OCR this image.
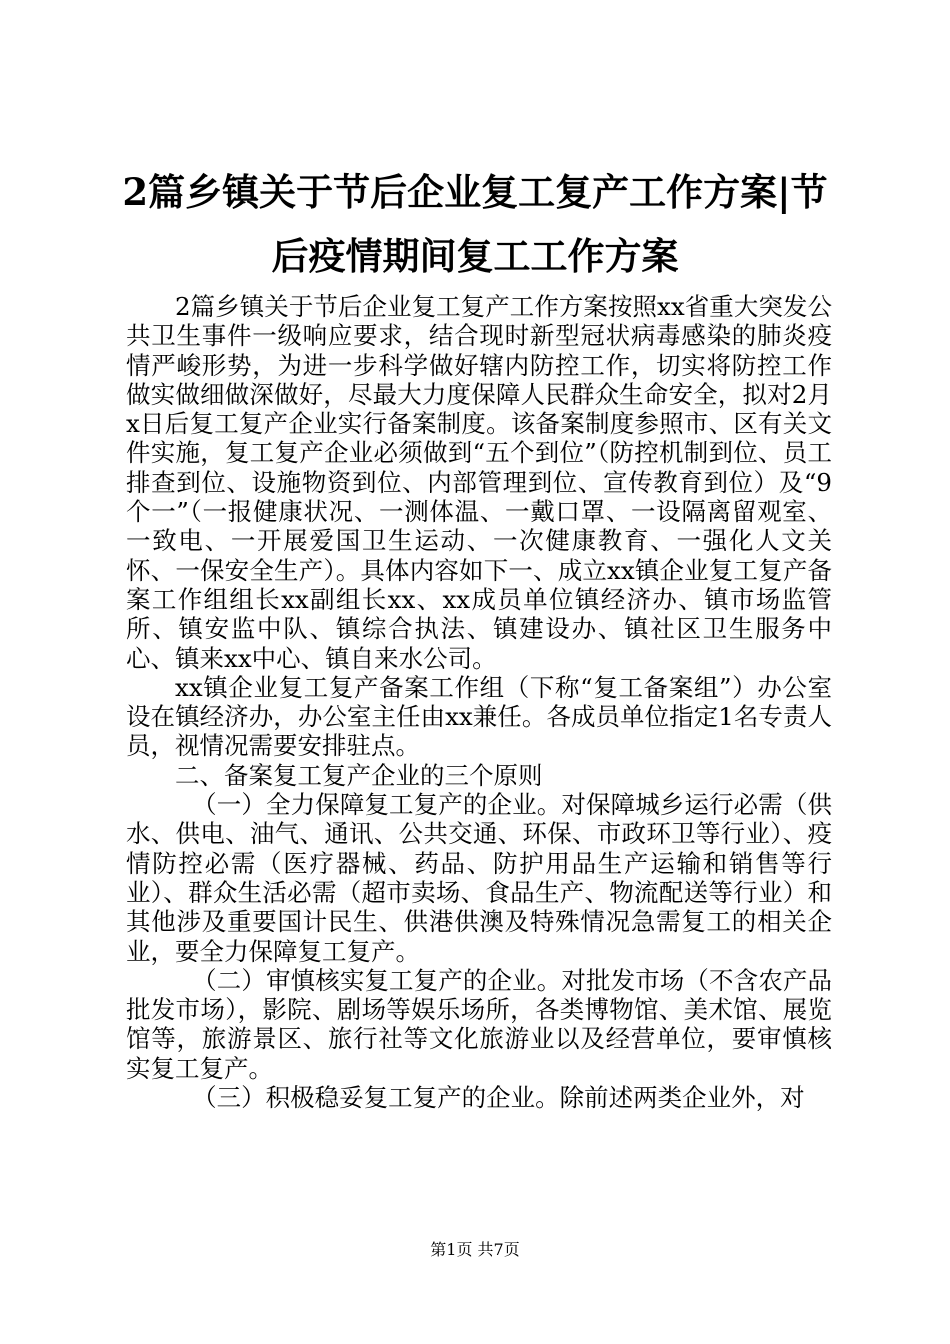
2篇乡镇关于节后企业复工复产工作方案|节后疫情期间复工工作方案

2篇乡镇关于节后企业复工复产工作方案按照xx省重大突发公共卫生事件一级响应要求，结合现时新型冠状病毒感染的肺炎疫情严峻形势，为进一步科学做好辖内防控工作，切实将防控工作做实做细做深做好，尽最大力度保障人民群众生命安全，拟对2月x日后复工复产企业实行备案制度。该备案制度参照市、区有关文件实施，复工复产企业必须做到“五个到位”（防控机制到位、员工排查到位、设施物资到位、内部管理到位、宣传教育到位）及“9个一”（一报健康状况、一测体温、一戴口罩、一设隔离留观室、一致电、一开展爱国卫生运动、一次健康教育、一强化人文关怀、一保安全生产）。具体内容如下一、成立xx镇企业复工复产备案工作组组长xx副组长xx、xx成员单位镇经济办、镇市场监管所、镇安监中队、镇综合执法、镇建设办、镇社区卫生服务中心、镇来xx中心、镇自来水公司。

xx镇企业复工复产备案工作组（下称“复工备案组”）办公室设在镇经济办，办公室主任由xx兼任。各成员单位指定1名专责人员，视情况需要安排驻点。

二、备案复工复产企业的三个原则

（一）全力保障复工复产的企业。对保障城乡运行必需（供水、供电、油气、通讯、公共交通、环保、市政环卫等行业）、疫情防控必需（医疗器械、药品、防护用品生产运输和销售等行业）、群众生活必需（超市卖场、食品生产、物流配送等行业）和其他涉及重要国计民生、供港供澳及特殊情况急需复工的相关企业，要全力保障复工复产。

（二）审慎核实复工复产的企业。对批发市场（不含农产品批发市场），影院、剧场等娱乐场所，各类博物馆、美术馆、展览馆等，旅游景区、旅行社等文化旅游业以及经营单位，要审慎核实复工复产。

（三）积极稳妥复工复产的企业。除前述两类企业外，对

第1页 共7页
